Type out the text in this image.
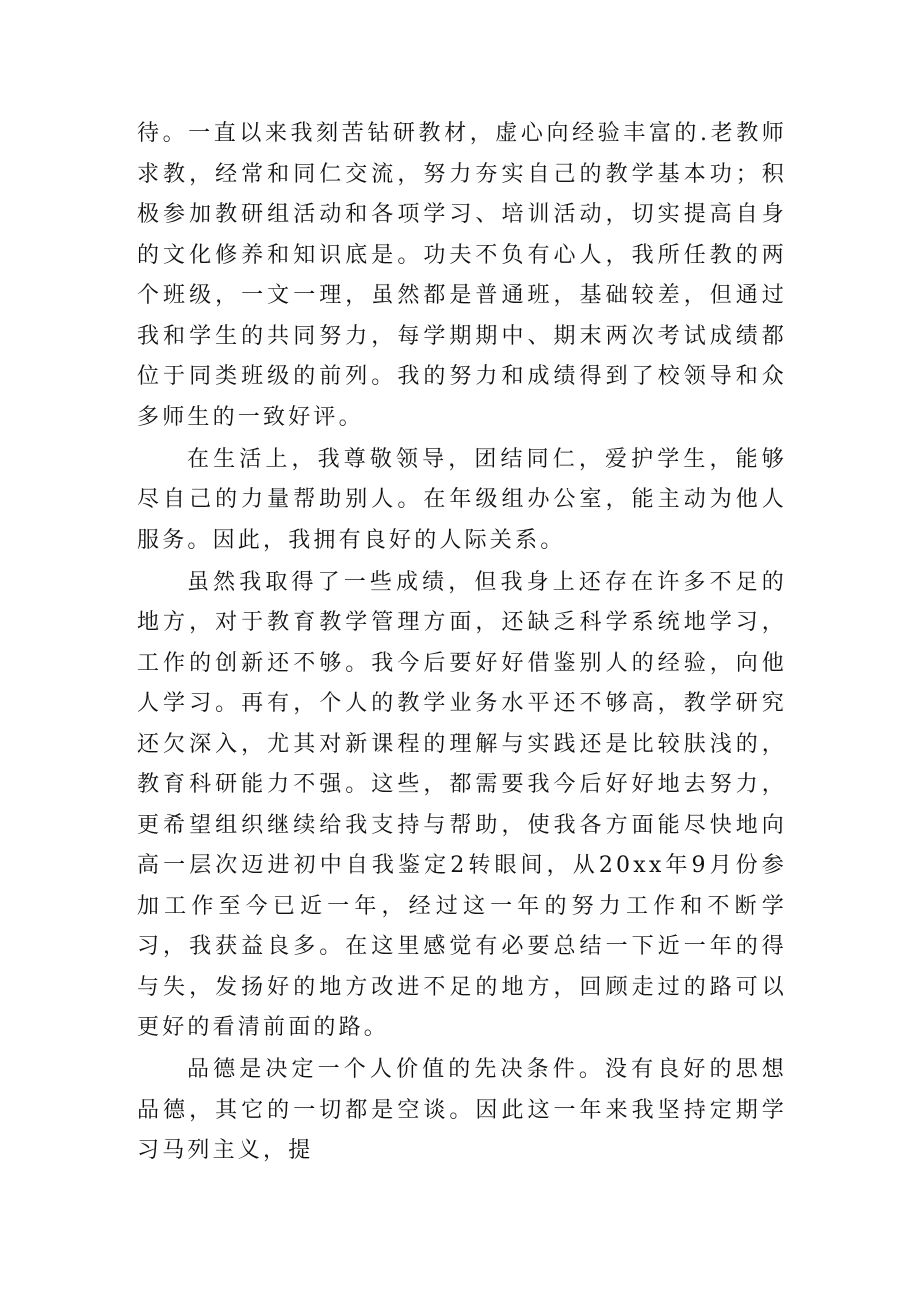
待。一直以来我刻苦钻研教材，虚心向经验丰富的.老教师求教，经常和同仁交流，努力夯实自己的教学基本功；积极参加教研组活动和各项学习、培训活动，切实提高自身的文化修养和知识底是。功夫不负有心人，我所任教的两个班级，一文一理，虽然都是普通班，基础较差，但通过我和学生的共同努力，每学期期中、期末两次考试成绩都位于同类班级的前列。我的努力和成绩得到了校领导和众多师生的一致好评。

在生活上，我尊敬领导，团结同仁，爱护学生，能够尽自己的力量帮助别人。在年级组办公室，能主动为他人服务。因此，我拥有良好的人际关系。

虽然我取得了一些成绩，但我身上还存在许多不足的地方，对于教育教学管理方面，还缺乏科学系统地学习，工作的创新还不够。我今后要好好借鉴别人的经验，向他人学习。再有，个人的教学业务水平还不够高，教学研究还欠深入，尤其对新课程的理解与实践还是比较肤浅的，教育科研能力不强。这些，都需要我今后好好地去努力，更希望组织继续给我支持与帮助，使我各方面能尽快地向高一层次迈进初中自我鉴定2转眼间，从20xx年9月份参加工作至今已近一年，经过这一年的努力工作和不断学习，我获益良多。在这里感觉有必要总结一下近一年的得与失，发扬好的地方改进不足的地方，回顾走过的路可以更好的看清前面的路。

品德是决定一个人价值的先决条件。没有良好的思想品德，其它的一切都是空谈。因此这一年来我坚持定期学习马列主义，提
